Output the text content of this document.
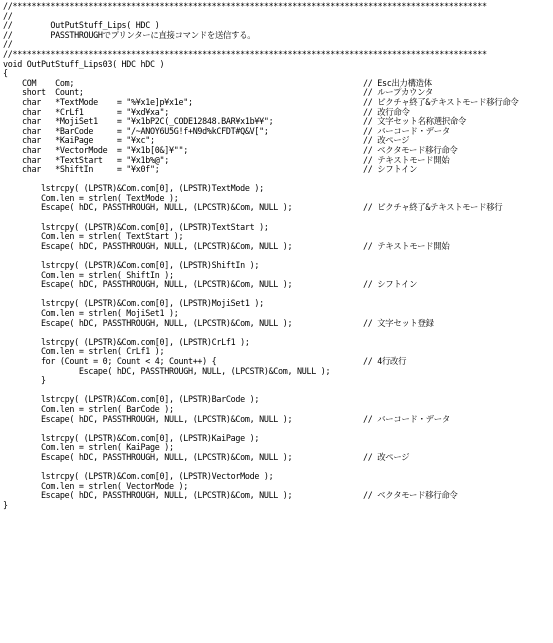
//****************************************************************************************************
//
//        OutPutStuff_Lips( HDC )
//        PASSTHROUGHでプリンターに直接コマンドを送信する。
//
//****************************************************************************************************
void OutPutStuff_Lips03( HDC hDC )
{
COM    Com;	// Esc出力構造体
short  Count;	// ループカウンタ
char   *TextMode    = "%¥x1e]p¥x1e";	// ピクチャ終了&テキストモード移行命令
char   *CrLf1       = "¥xd¥xa";	// 改行命令
char   *MojiSet1    = "¥x1bP2C(_CODE12848.BAR¥x1b¥¥";	// 文字セット名称選択命令
char   *BarCode     = "/~ANOY6U5G!f+N9d%kCFDT#Q&V[";	// バーコード・データ
char   *KaiPage     = "¥xc";	// 改ページ
char   *VectorMode  = "¥x1b[0&]¥"";	// ベクタモード移行命令
char   *TextStart   = "¥x1b%@";	// テキストモード開始
char   *ShiftIn     = "¥x0f";	// シフトイン
lstrcpy( (LPSTR)&Com.com[0], (LPSTR)TextMode );
Com.len = strlen( TextMode );
Escape( hDC, PASSTHROUGH, NULL, (LPCSTR)&Com, NULL );	// ピクチャ終了&テキストモード移行
lstrcpy( (LPSTR)&Com.com[0], (LPSTR)TextStart );
Com.len = strlen( TextStart );
Escape( hDC, PASSTHROUGH, NULL, (LPCSTR)&Com, NULL );	// テキストモード開始
lstrcpy( (LPSTR)&Com.com[0], (LPSTR)ShiftIn );
Com.len = strlen( ShiftIn );
Escape( hDC, PASSTHROUGH, NULL, (LPCSTR)&Com, NULL );	// シフトイン
lstrcpy( (LPSTR)&Com.com[0], (LPSTR)MojiSet1 );
Com.len = strlen( MojiSet1 );
Escape( hDC, PASSTHROUGH, NULL, (LPCSTR)&Com, NULL );	// 文字セット登録
lstrcpy( (LPSTR)&Com.com[0], (LPSTR)CrLf1 );
Com.len = strlen( CrLf1 );
for (Count = 0; Count < 4; Count++) {	// 4行改行
Escape( hDC, PASSTHROUGH, NULL, (LPCSTR)&Com, NULL );
}
lstrcpy( (LPSTR)&Com.com[0], (LPSTR)BarCode );
Com.len = strlen( BarCode );
Escape( hDC, PASSTHROUGH, NULL, (LPCSTR)&Com, NULL );	// バーコード・データ
lstrcpy( (LPSTR)&Com.com[0], (LPSTR)KaiPage );
Com.len = strlen( KaiPage );
Escape( hDC, PASSTHROUGH, NULL, (LPCSTR)&Com, NULL );	// 改ページ
lstrcpy( (LPSTR)&Com.com[0], (LPSTR)VectorMode );
Com.len = strlen( VectorMode );
Escape( hDC, PASSTHROUGH, NULL, (LPCSTR)&Com, NULL );	// ベクタモード移行命令
}
